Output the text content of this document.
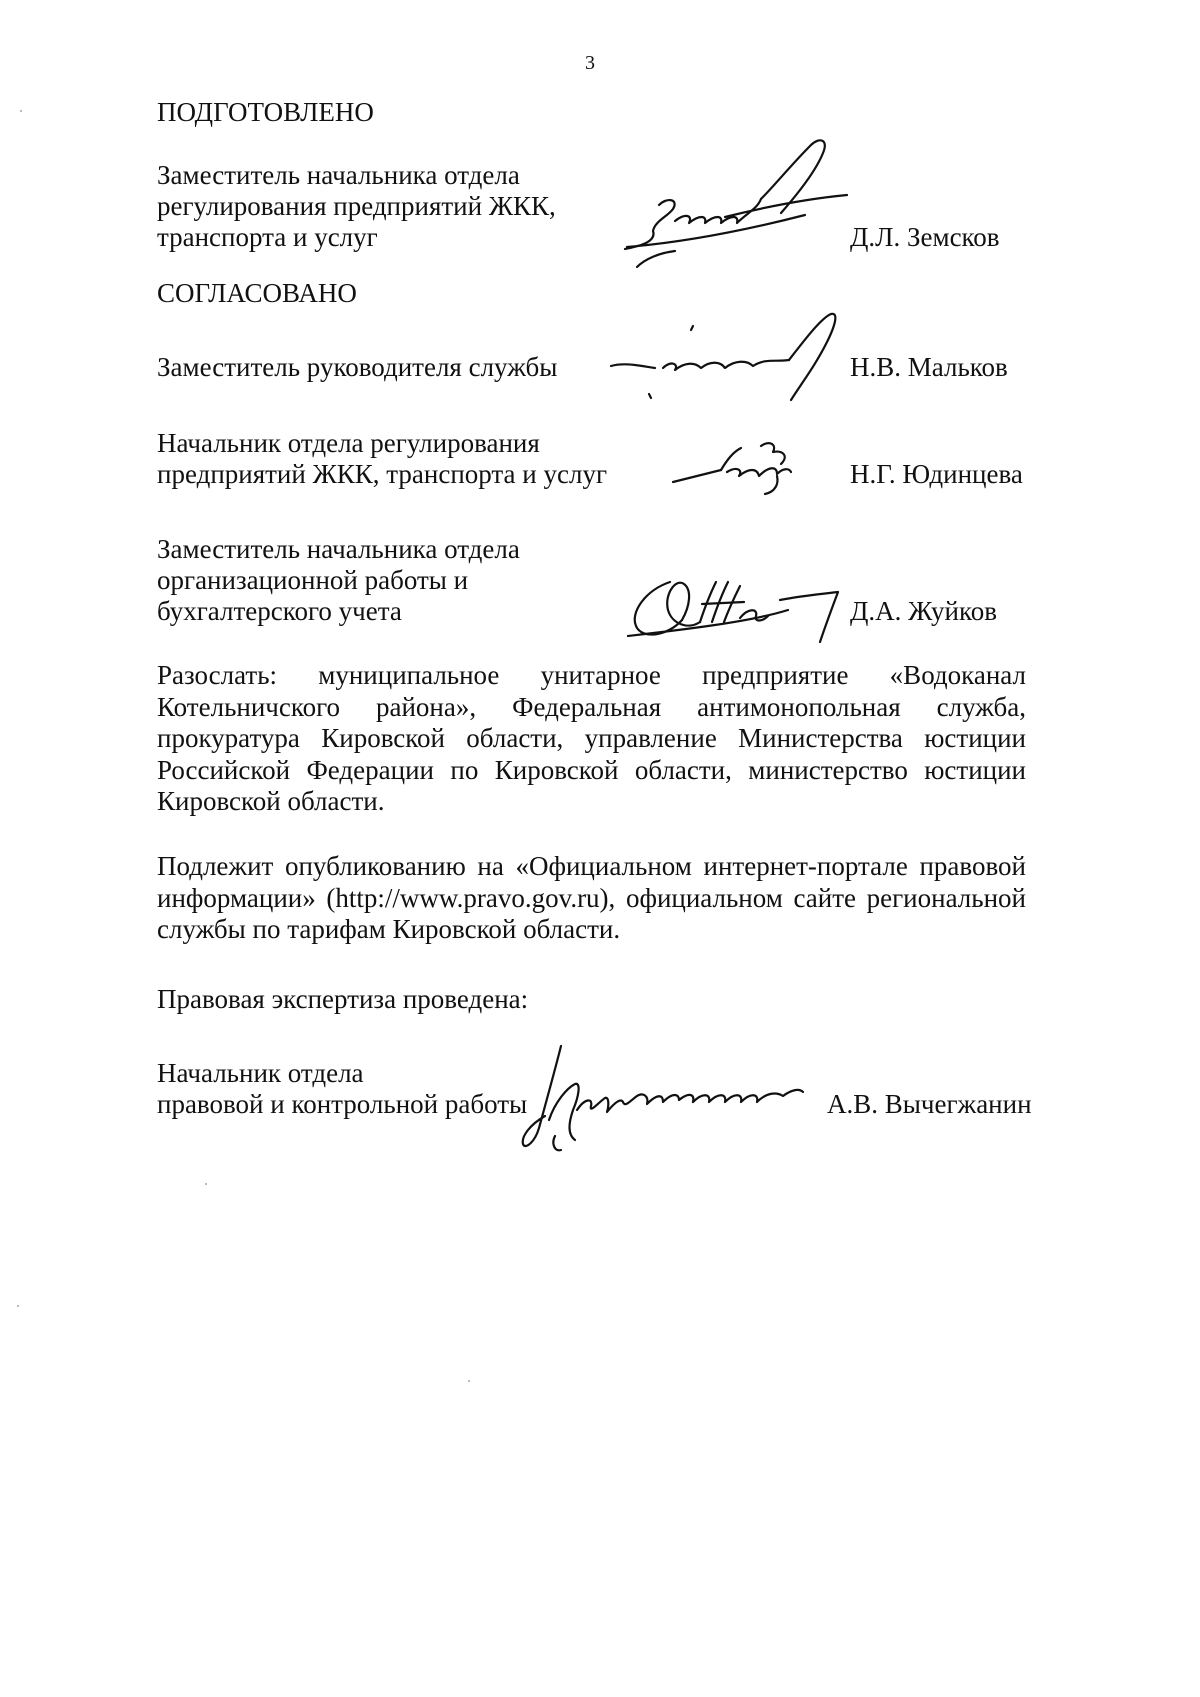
3
ПОДГОТОВЛЕНО
Заместитель начальника отдела
регулирования предприятий ЖКК,
транспорта и услуг	Д.Л. Земсков
СОГЛАСОВАНО
Заместитель руководителя службы	Н.В. Мальков
Начальник отдела регулирования
предприятий ЖКК, транспорта и услуг	Н.Г. Юдинцева
Заместитель начальника отдела
организационной работы и
бухгалтерского учета	Д.А. Жуйков
Разослать: муниципальное унитарное предприятие «Водоканал
Котельничского района», Федеральная антимонопольная служба,
прокуратура Кировской области, управление Министерства юстиции
Российской Федерации по Кировской области, министерство юстиции
Кировской области.
Подлежит опубликованию на «Официальном интернет-портале правовой
информации» (http://www.pravo.gov.ru), официальном сайте региональной
службы по тарифам Кировской области.
Правовая экспертиза проведена:
Начальник отдела
правовой и контрольной работы	А.В. Вычегжанин
